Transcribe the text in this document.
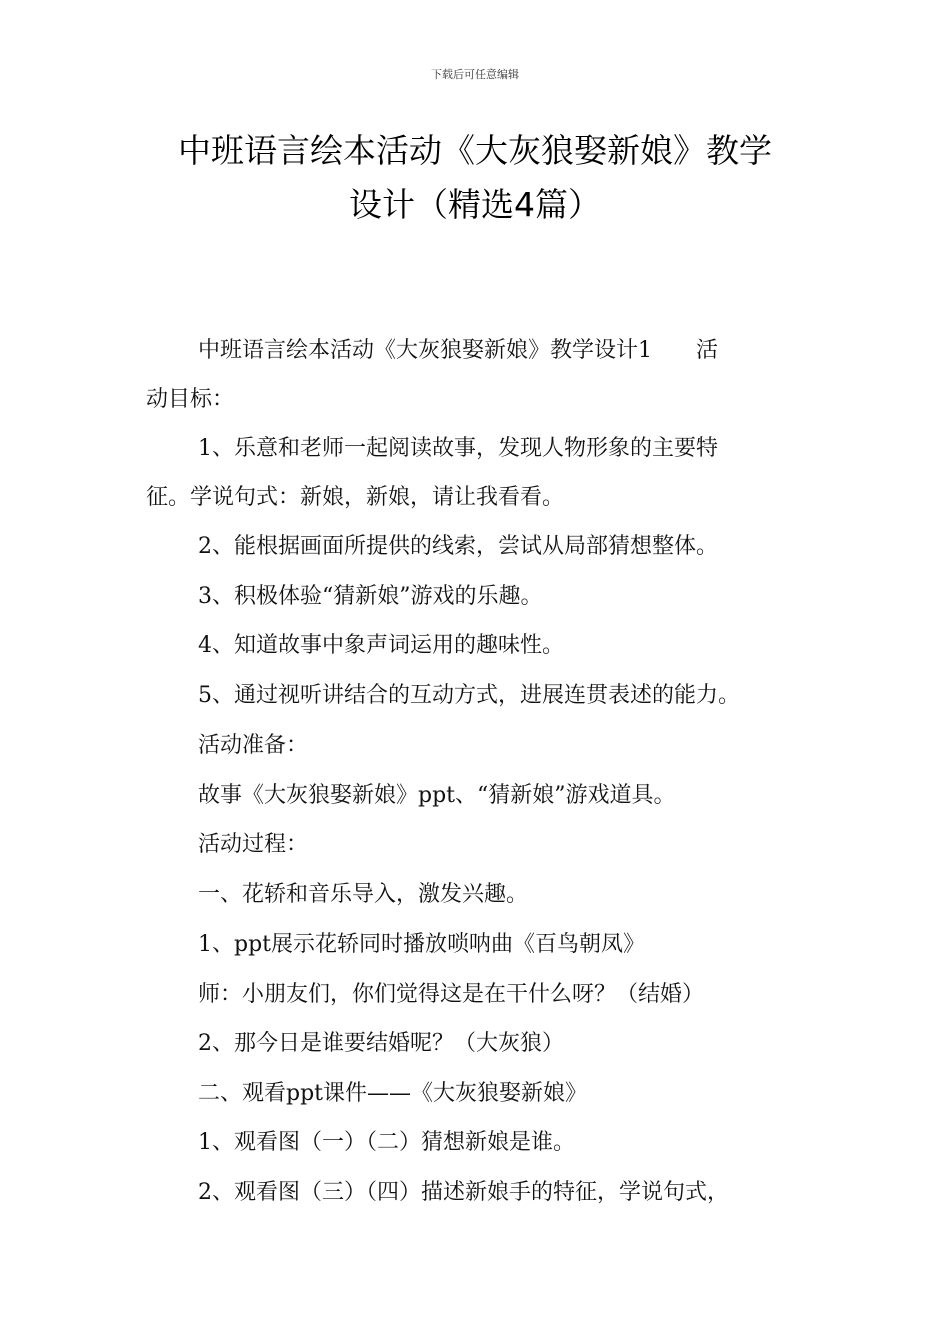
下载后可任意编辑
中班语言绘本活动《大灰狼娶新娘》教学
设计（精选4篇）
中班语言绘本活动《大灰狼娶新娘》教学设计1　　活
动目标：
1、乐意和老师一起阅读故事，发现人物形象的主要特
征。学说句式：新娘，新娘，请让我看看。
2、能根据画面所提供的线索，尝试从局部猜想整体。
3、积极体验“猜新娘”游戏的乐趣。
4、知道故事中象声词运用的趣味性。
5、通过视听讲结合的互动方式，进展连贯表述的能力。
活动准备：
故事《大灰狼娶新娘》ppt、“猜新娘”游戏道具。
活动过程：
一、花轿和音乐导入，激发兴趣。
1、ppt展示花轿同时播放唢呐曲《百鸟朝凤》
师：小朋友们，你们觉得这是在干什么呀？（结婚）
2、那今日是谁要结婚呢？（大灰狼）
二、观看ppt课件——《大灰狼娶新娘》
1、观看图（一）（二）猜想新娘是谁。
2、观看图（三）（四）描述新娘手的特征，学说句式，
